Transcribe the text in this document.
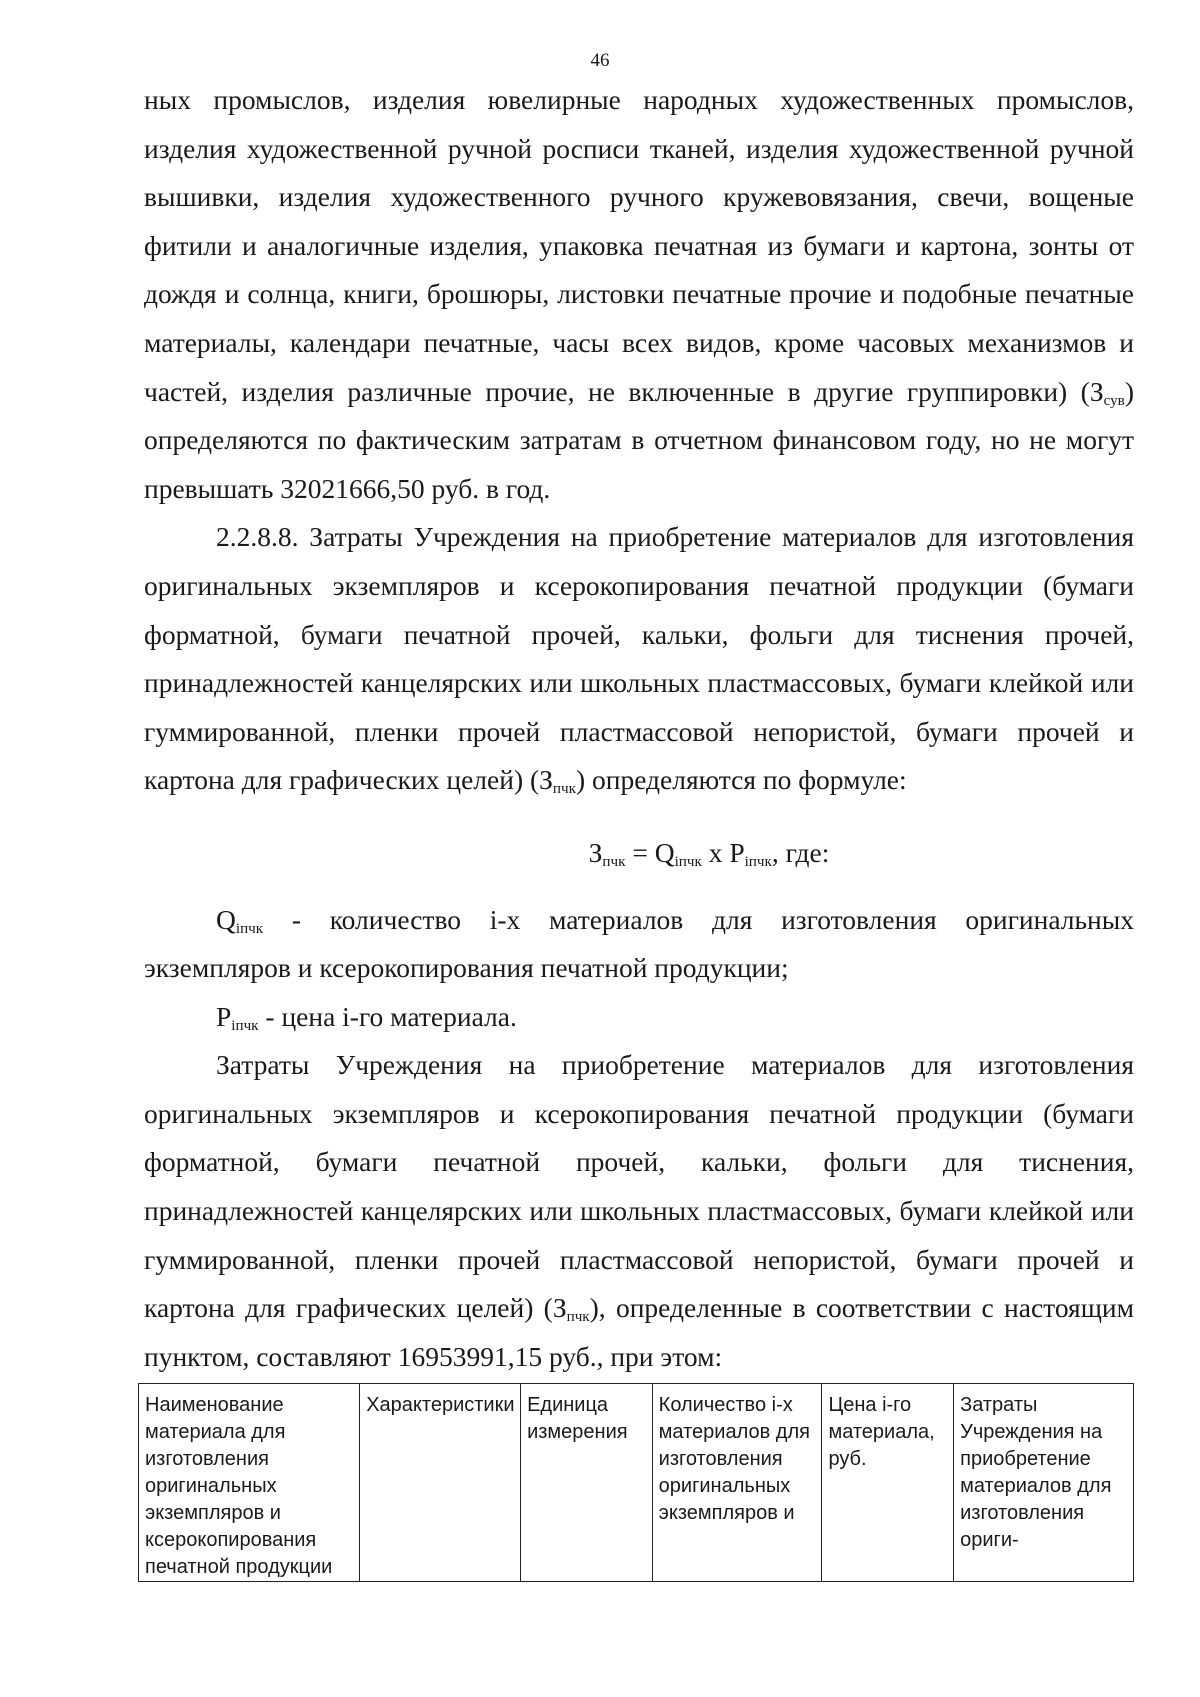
46

ных промыслов, изделия ювелирные народных художественных промыслов, изделия художественной ручной росписи тканей, изделия художественной ручной вышивки, изделия художественного ручного кружевовязания, свечи, вощеные фитили и аналогичные изделия, упаковка печатная из бумаги и картона, зонты от дождя и солнца, книги, брошюры, листовки печатные прочие и подобные печатные материалы, календари печатные, часы всех видов, кроме часовых механизмов и частей, изделия различные прочие, не включенные в другие группировки) $(З_{сув})$ определяются по фактическим затратам в отчетном финансовом году, но не могут превышать 32021666,50 руб. в год.

2.2.8.8. Затраты Учреждения на приобретение материалов для изготовления оригинальных экземпляров и ксерокопирования печатной продукции (бумаги форматной, бумаги печатной прочей, кальки, фольги для тиснения прочей, принадлежностей канцелярских или школьных пластмассовых, бумаги клейкой или гуммированной, пленки прочей пластмассовой непористой, бумаги прочей и картона для графических целей) $(З_{пчк})$ определяются по формуле:

$З_{пчк} = Q_{iпчк}$ x $P_{iпчк}$, где:

$Q_{iпчк}$ - количество i-х материалов для изготовления оригинальных экземпляров и ксерокопирования печатной продукции;

$P_{iпчк}$ - цена i-го материала.

Затраты Учреждения на приобретение материалов для изготовления оригинальных экземпляров и ксерокопирования печатной продукции (бумаги форматной, бумаги печатной прочей, кальки, фольги для тиснения, принадлежностей канцелярских или школьных пластмассовых, бумаги клейкой или гуммированной, пленки прочей пластмассовой непористой, бумаги прочей и картона для графических целей) $(З_{пчк})$, определенные в соответствии с настоящим пунктом, составляют 16953991,15 руб., при этом:

Наименование материала для изготовления оригинальных экземпляров и ксерокопирования печатной продукции	Характеристики	Единица измерения	Количество i-х материалов для изготовления оригинальных экземпляров и	Цена i-го материала, руб.	Затраты Учреждения на приобретение материалов для изготовления ориги-
